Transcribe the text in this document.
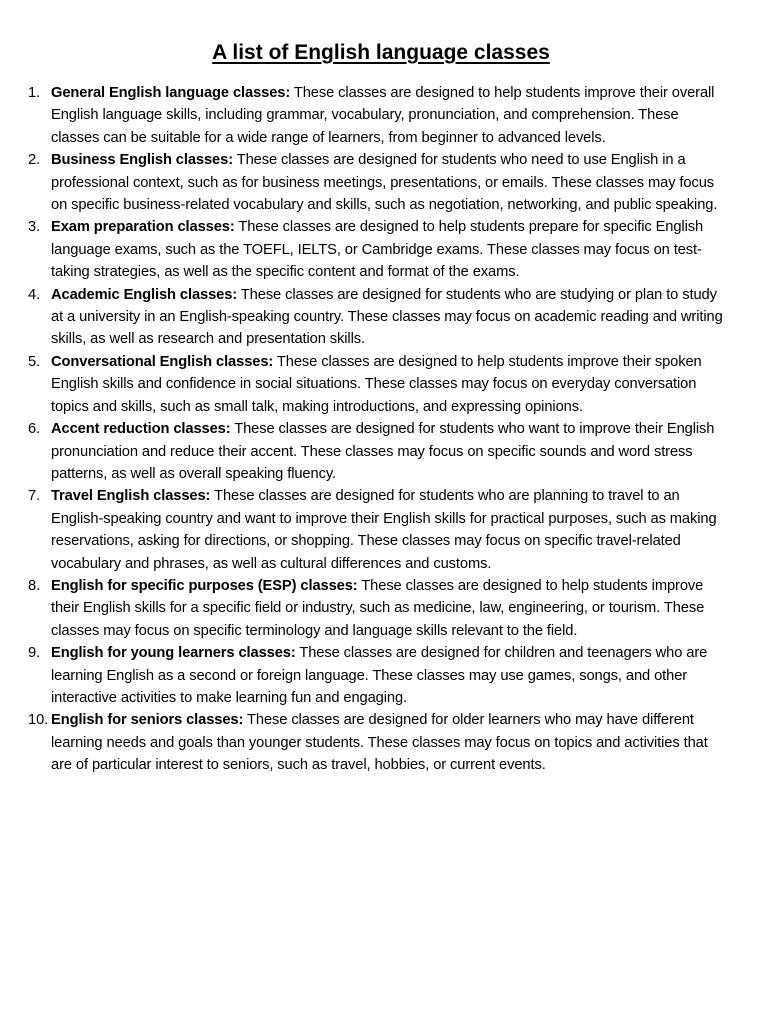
A list of English language classes
1. General English language classes: These classes are designed to help students improve their overall English language skills, including grammar, vocabulary, pronunciation, and comprehension. These classes can be suitable for a wide range of learners, from beginner to advanced levels.
2. Business English classes: These classes are designed for students who need to use English in a professional context, such as for business meetings, presentations, or emails. These classes may focus on specific business-related vocabulary and skills, such as negotiation, networking, and public speaking.
3. Exam preparation classes: These classes are designed to help students prepare for specific English language exams, such as the TOEFL, IELTS, or Cambridge exams. These classes may focus on test-taking strategies, as well as the specific content and format of the exams.
4. Academic English classes: These classes are designed for students who are studying or plan to study at a university in an English-speaking country. These classes may focus on academic reading and writing skills, as well as research and presentation skills.
5. Conversational English classes: These classes are designed to help students improve their spoken English skills and confidence in social situations. These classes may focus on everyday conversation topics and skills, such as small talk, making introductions, and expressing opinions.
6. Accent reduction classes: These classes are designed for students who want to improve their English pronunciation and reduce their accent. These classes may focus on specific sounds and word stress patterns, as well as overall speaking fluency.
7. Travel English classes: These classes are designed for students who are planning to travel to an English-speaking country and want to improve their English skills for practical purposes, such as making reservations, asking for directions, or shopping. These classes may focus on specific travel-related vocabulary and phrases, as well as cultural differences and customs.
8. English for specific purposes (ESP) classes: These classes are designed to help students improve their English skills for a specific field or industry, such as medicine, law, engineering, or tourism. These classes may focus on specific terminology and language skills relevant to the field.
9. English for young learners classes: These classes are designed for children and teenagers who are learning English as a second or foreign language. These classes may use games, songs, and other interactive activities to make learning fun and engaging.
10. English for seniors classes: These classes are designed for older learners who may have different learning needs and goals than younger students. These classes may focus on topics and activities that are of particular interest to seniors, such as travel, hobbies, or current events.
